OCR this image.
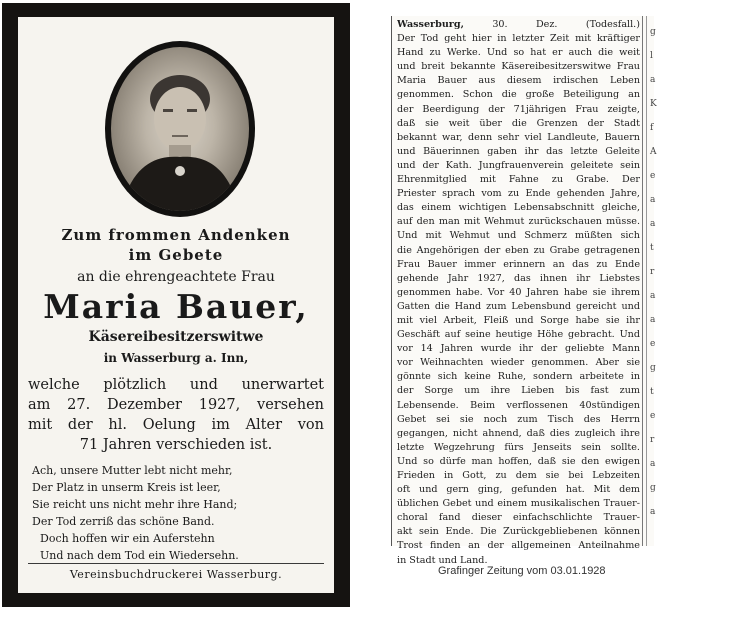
Zum frommen Andenken
im Gebete
an die ehrengeachtete Frau
Maria Bauer,
Käsereibesitzerswitwe
in Wasserburg a. Inn,
welche plötzlich und unerwartet
am 27. Dezember 1927, versehen
mit der hl. Oelung im Alter von
71 Jahren verschieden ist.
Ach, unsere Mutter lebt nicht mehr,
Der Platz in unserm Kreis ist leer,
Sie reicht uns nicht mehr ihre Hand;
Der Tod zerriß das schöne Band.
Doch hoffen wir ein Auferstehn
Und nach dem Tod ein Wiedersehn.
Vereinsbuchdruckerei Wasserburg.
Wasserburg,	30. Dez.	(Todesfall.)
Der Tod geht hier in letzter Zeit mit kräftiger
Hand zu Werke. Und so hat er auch die weit
und breit bekannte Käsereibesitzerswitwe Frau
Maria Bauer aus diesem irdischen Leben
genommen. Schon die große Beteiligung an
der Beerdigung der 71jährigen Frau zeigte,
daß sie weit über die Grenzen der Stadt
bekannt war, denn sehr viel Landleute, Bauern
und Bäuerinnen gaben ihr das letzte Geleite
und der Kath. Jungfrauenverein geleitete sein
Ehrenmitglied mit Fahne zu Grabe. Der
Priester sprach vom zu Ende gehenden Jahre,
das einem wichtigen Lebensabschnitt gleiche,
auf den man mit Wehmut zurückschauen müsse.
Und mit Wehmut und Schmerz müßten sich
die Angehörigen der eben zu Grabe getragenen
Frau Bauer immer erinnern an das zu Ende
gehende Jahr 1927, das ihnen ihr Liebstes
genommen habe. Vor 40 Jahren habe sie ihrem
Gatten die Hand zum Lebensbund gereicht und
mit viel Arbeit, Fleiß und Sorge habe sie ihr
Geschäft auf seine heutige Höhe gebracht. Und
vor 14 Jahren wurde ihr der geliebte Mann
vor Weihnachten wieder genommen. Aber sie
gönnte sich keine Ruhe, sondern arbeitete in
der Sorge um ihre Lieben bis fast zum
Lebensende. Beim verflossenen 40stündigen
Gebet sei sie noch zum Tisch des Herrn
gegangen, nicht ahnend, daß dies zugleich ihre
letzte Wegzehrung fürs Jenseits sein sollte.
Und so dürfe man hoffen, daß sie den ewigen
Frieden in Gott, zu dem sie bei Lebzeiten
oft und gern ging, gefunden hat. Mit dem
üblichen Gebet und einem musikalischen Trauer-
choral fand dieser einfachschlichte Trauer-
akt sein Ende. Die Zurückgebliebenen können
Trost finden an der allgemeinen Anteilnahme
in Stadt und Land.
g
l
a
K
f
A
e
a
a
t
r
a
a
e
g
t
e
r
a
g
a
Grafinger Zeitung vom 03.01.1928
